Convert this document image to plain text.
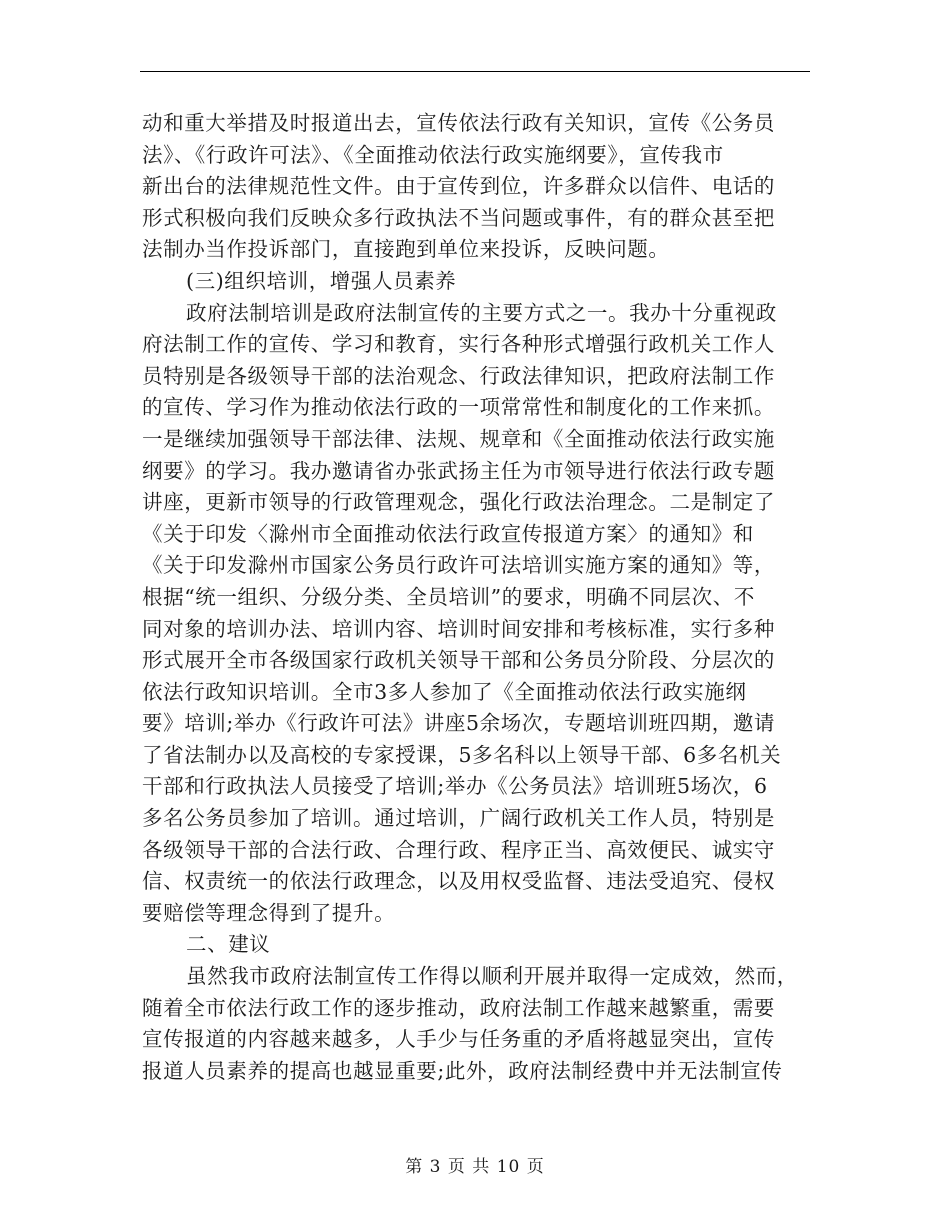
动和重大举措及时报道出去，宣传依法行政有关知识，宣传《公务员
法》、《行政许可法》、《全面推动依法行政实施纲要》，宣传我市
新出台的法律规范性文件。由于宣传到位，许多群众以信件、电话的
形式积极向我们反映众多行政执法不当问题或事件，有的群众甚至把
法制办当作投诉部门，直接跑到单位来投诉，反映问题。
(三)组织培训，增强人员素养
政府法制培训是政府法制宣传的主要方式之一。我办十分重视政
府法制工作的宣传、学习和教育，实行各种形式增强行政机关工作人
员特别是各级领导干部的法治观念、行政法律知识，把政府法制工作
的宣传、学习作为推动依法行政的一项常常性和制度化的工作来抓。
一是继续加强领导干部法律、法规、规章和《全面推动依法行政实施
纲要》的学习。我办邀请省办张武扬主任为市领导进行依法行政专题
讲座，更新市领导的行政管理观念，强化行政法治理念。二是制定了
《关于印发〈滁州市全面推动依法行政宣传报道方案〉的通知》和
《关于印发滁州市国家公务员行政许可法培训实施方案的通知》等，
根据“统一组织、分级分类、全员培训”的要求，明确不同层次、不
同对象的培训办法、培训内容、培训时间安排和考核标准，实行多种
形式展开全市各级国家行政机关领导干部和公务员分阶段、分层次的
依法行政知识培训。全市3多人参加了《全面推动依法行政实施纲
要》培训;举办《行政许可法》讲座5余场次，专题培训班四期，邀请
了省法制办以及高校的专家授课，5多名科以上领导干部、6多名机关
干部和行政执法人员接受了培训;举办《公务员法》培训班5场次，6
多名公务员参加了培训。通过培训，广阔行政机关工作人员，特别是
各级领导干部的合法行政、合理行政、程序正当、高效便民、诚实守
信、权责统一的依法行政理念，以及用权受监督、违法受追究、侵权
要赔偿等理念得到了提升。
二、建议
虽然我市政府法制宣传工作得以顺利开展并取得一定成效，然而，
随着全市依法行政工作的逐步推动，政府法制工作越来越繁重，需要
宣传报道的内容越来越多，人手少与任务重的矛盾将越显突出，宣传
报道人员素养的提高也越显重要;此外，政府法制经费中并无法制宣传
第 3 页 共 10 页
